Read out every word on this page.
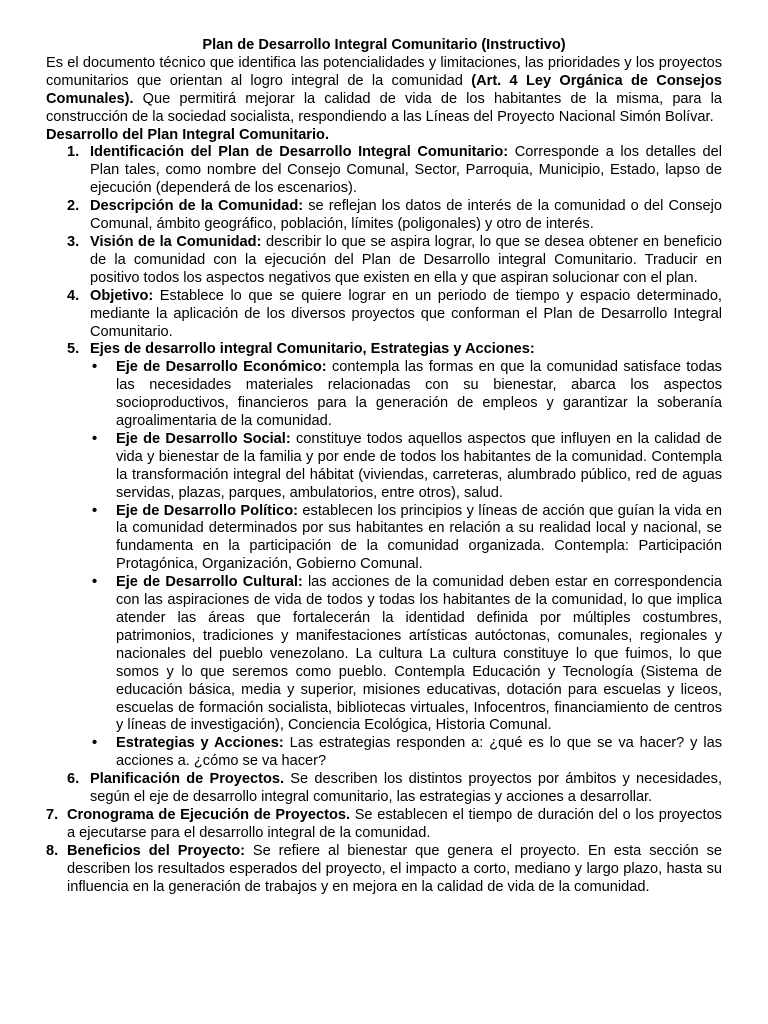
Plan de Desarrollo Integral Comunitario (Instructivo)

Es el documento técnico que identifica las potencialidades y limitaciones, las prioridades y los proyectos comunitarios que orientan al logro integral de la comunidad (Art. 4 Ley Orgánica de Consejos Comunales). Que permitirá mejorar la calidad de vida de los habitantes de la misma, para la construcción de la sociedad socialista, respondiendo a las Líneas del Proyecto Nacional Simón Bolívar.

Desarrollo del Plan Integral Comunitario.
1. Identificación del Plan de Desarrollo Integral Comunitario: Corresponde a los detalles del Plan tales, como nombre del Consejo Comunal, Sector, Parroquia, Municipio, Estado, lapso de ejecución (dependerá de los escenarios).
2. Descripción de la Comunidad: se reflejan los datos de interés de la comunidad o del Consejo Comunal, ámbito geográfico, población, límites (poligonales) y otro de interés.
3. Visión de la Comunidad: describir lo que se aspira lograr, lo que se desea obtener en beneficio de la comunidad con la ejecución del Plan de Desarrollo integral Comunitario. Traducir en positivo todos los aspectos negativos que existen en ella y que aspiran solucionar con el plan.
4. Objetivo: Establece lo que se quiere lograr en un periodo de tiempo y espacio determinado, mediante la aplicación de los diversos proyectos que conforman el Plan de Desarrollo Integral Comunitario.
5. Ejes de desarrollo integral Comunitario, Estrategias y Acciones:
• Eje de Desarrollo Económico: contempla las formas en que la comunidad satisface todas las necesidades materiales relacionadas con su bienestar, abarca los aspectos socioproductivos, financieros para la generación de empleos y garantizar la soberanía agroalimentaria de la comunidad.
• Eje de Desarrollo Social: constituye todos aquellos aspectos que influyen en la calidad de vida y bienestar de la familia y por ende de todos los habitantes de la comunidad. Contempla la transformación integral del hábitat (viviendas, carreteras, alumbrado público, red de aguas servidas, plazas, parques, ambulatorios, entre otros), salud.
• Eje de Desarrollo Político: establecen los principios y líneas de acción que guían la vida en la comunidad determinados por sus habitantes en relación a su realidad local y nacional, se fundamenta en la participación de la comunidad organizada. Contempla: Participación Protagónica, Organización, Gobierno Comunal.
• Eje de Desarrollo Cultural: las acciones de la comunidad deben estar en correspondencia con las aspiraciones de vida de todos y todas los habitantes de la comunidad, lo que implica atender las áreas que fortalecerán la identidad definida por múltiples costumbres, patrimonios, tradiciones y manifestaciones artísticas autóctonas, comunales, regionales y nacionales del pueblo venezolano. La cultura La cultura constituye lo que fuimos, lo que somos y lo que seremos como pueblo. Contempla Educación y Tecnología (Sistema de educación básica, media y superior, misiones educativas, dotación para escuelas y liceos, escuelas de formación socialista, bibliotecas virtuales, Infocentros, financiamiento de centros y líneas de investigación), Conciencia Ecológica, Historia Comunal.
• Estrategias y Acciones: Las estrategias responden a: ¿qué es lo que se va hacer? y las acciones a. ¿cómo se va hacer?
6. Planificación de Proyectos. Se describen los distintos proyectos por ámbitos y necesidades, según el eje de desarrollo integral comunitario, las estrategias y acciones a desarrollar.
7. Cronograma de Ejecución de Proyectos. Se establecen el tiempo de duración del o los proyectos a ejecutarse para el desarrollo integral de la comunidad.
8. Beneficios del Proyecto: Se refiere al bienestar que genera el proyecto. En esta sección se describen los resultados esperados del proyecto, el impacto a corto, mediano y largo plazo, hasta su influencia en la generación de trabajos y en mejora en la calidad de vida de la comunidad.
